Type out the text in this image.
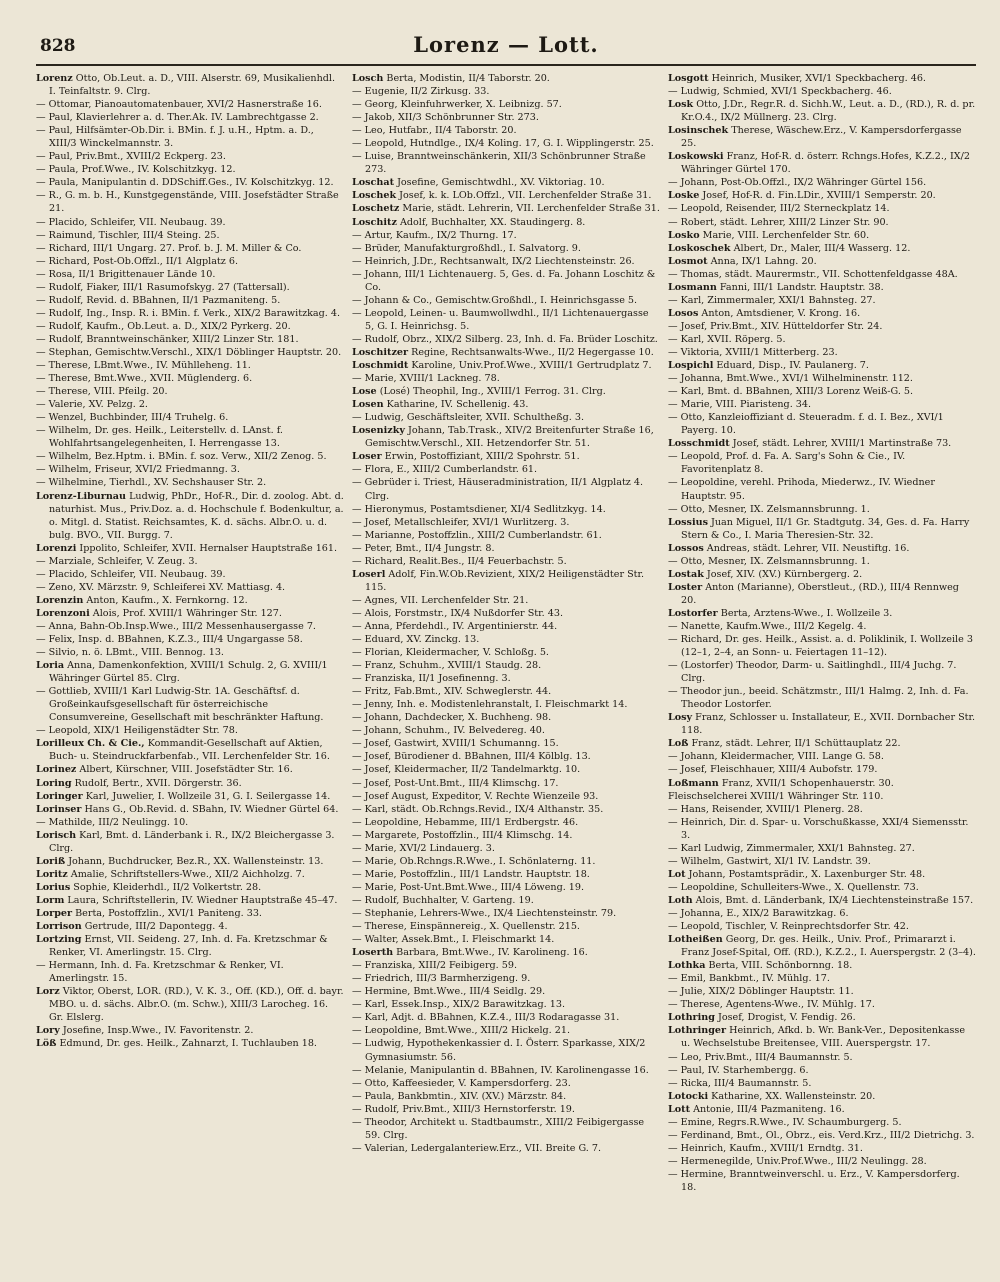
828	Lorenz — Lott.
Lorenz Otto, Ob.Leut. a. D., VIII. Alserstr. 69, Musikalienhdl. I. Teinfaltstr. 9. Clrg.
— Ottomar, Pianoautomatenbauer, XVI/2 Hasnerstraße 16.
— Paul, Klavierlehrer a. d. Ther.Ak. IV. Lambrechtgasse 2.
— Paul, Hilfsämter-Ob.Dir. i. BMin. f. J. u.H., Hptm. a. D., XIII/3 Winckelmannstr. 3.
— Paul, Priv.Bmt., XVIII/2 Eckperg. 23.
— Paula, Prof.Wwe., IV. Kolschitzkyg. 12.
— Paula, Manipulantin d. DDSchiff.Ges., IV. Kolschitzkyg. 12.
— R., G. m. b. H., Kunstgegenstände, VIII. Josefstädter Straße 21.
— Placido, Schleifer, VII. Neubaug. 39.
— Raimund, Tischler, III/4 Steing. 25.
— Richard, III/1 Ungarg. 27. Prof. b. J. M. Miller & Co.
— Richard, Post-Ob.Offzl., II/1 Algplatz 6.
— Rosa, II/1 Brigittenauer Lände 10.
— Rudolf, Fiaker, III/1 Rasumofskyg. 27 (Tattersall).
— Rudolf, Revid. d. BBahnen, II/1 Pazmaniteng. 5.
— Rudolf, Ing., Insp. R. i. BMin. f. Verk., XIX/2 Barawitzkag. 4.
— Rudolf, Kaufm., Ob.Leut. a. D., XIX/2 Pyrkerg. 20.
— Rudolf, Branntweinschänker, XIII/2 Linzer Str. 181.
— Stephan, Gemischtw.Verschl., XIX/1 Döblinger Hauptstr. 20.
— Therese, LBmt.Wwe., IV. Mühlleheng. 11.
— Therese, Bmt.Wwe., XVII. Müglenderg. 6.
— Therese, VIII. Pfeilg. 20.
— Valerie, XV. Pelzg. 2.
— Wenzel, Buchbinder, III/4 Truhelg. 6.
— Wilhelm, Dr. ges. Heilk., Leiterstellv. d. LAnst. f. Wohlfahrtsangelegenheiten, I. Herrengasse 13.
— Wilhelm, Bez.Hptm. i. BMin. f. soz. Verw., XII/2 Zenog. 5.
— Wilhelm, Friseur, XVI/2 Friedmanng. 3.
— Wilhelmine, Tierhdl., XV. Sechshauser Str. 2.
Lorenz-Liburnau Ludwig, PhDr., Hof-R., Dir. d. zoolog. Abt. d. naturhist. Mus., Priv.Doz. a. d. Hochschule f. Bodenkultur, a. o. Mitgl. d. Statist. Reichsamtes, K. d. sächs. Albr.O. u. d. bulg. BVO., VII. Burgg. 7.
Lorenzi Ippolito, Schleifer, XVII. Hernalser Hauptstraße 161.
— Marziale, Schleifer, V. Zeug. 3.
— Placido, Schleifer, VII. Neubaug. 39.
— Zeno, XV. Märzstr. 9, Schleiferei XV. Mattiasg. 4.
Lorenzin Anton, Kaufm., X. Fernkorng. 12.
Lorenzoni Alois, Prof. XVIII/1 Währinger Str. 127.
— Anna, Bahn-Ob.Insp.Wwe., III/2 Messenhausergasse 7.
— Felix, Insp. d. BBahnen, K.Z.3., III/4 Ungargasse 58.
— Silvio, n. ö. LBmt., VIII. Bennog. 13.
Loria Anna, Damenkonfektion, XVIII/1 Schulg. 2, G. XVIII/1 Währinger Gürtel 85. Clrg.
— Gottlieb, XVIII/1 Karl Ludwig-Str. 1A. Geschäftsf. d. Großeinkaufsgesellschaft für österreichische Consumvereine, Gesellschaft mit beschränkter Haftung.
— Leopold, XIX/1 Heiligenstädter Str. 78.
Lorilleux Ch. & Cie., Kommandit-Gesellschaft auf Aktien, Buch- u. Steindruckfarbenfab., VII. Lerchenfelder Str. 16.
Lorinez Albert, Kürschner, VIII. Josefstädter Str. 16.
Loring Rudolf, Bertr., XVII. Dörgerstr. 36.
Loringer Karl, Juwelier, I. Wollzeile 31, G. I. Seilergasse 14.
Lorinser Hans G., Ob.Revid. d. SBahn, IV. Wiedner Gürtel 64.
— Mathilde, III/2 Neulingg. 10.
Lorisch Karl, Bmt. d. Länderbank i. R., IX/2 Bleichergasse 3. Clrg.
Loriß Johann, Buchdrucker, Bez.R., XX. Wallensteinstr. 13.
Loritz Amalie, Schriftstellers-Wwe., XII/2 Aichholzg. 7.
Lorius Sophie, Kleiderhdl., II/2 Volkertstr. 28.
Lorm Laura, Schriftstellerin, IV. Wiedner Hauptstraße 45–47.
Lorper Berta, Postoffzlin., XVI/1 Paniteng. 33.
Lorrison Gertrude, III/2 Dapontegg. 4.
Lortzing Ernst, VII. Seideng. 27, Inh. d. Fa. Kretzschmar & Renker, VI. Amerlingstr. 15. Clrg.
— Hermann, Inh. d. Fa. Kretzschmar & Renker, VI. Amerlingstr. 15.
Lorz Viktor, Oberst, LOR. (RD.), V. K. 3., Off. (KD.), Off. d. bayr. MBO. u. d. sächs. Albr.O. (m. Schw.), XIII/3 Larocheg. 16. Gr. Elslerg.
Lory Josefine, Insp.Wwe., IV. Favoritenstr. 2.
Löß Edmund, Dr. ges. Heilk., Zahnarzt, I. Tuchlauben 18.
Losch Berta, Modistin, II/4 Taborstr. 20.
— Eugenie, II/2 Zirkusg. 33.
— Georg, Kleinfuhrwerker, X. Leibnizg. 57.
— Jakob, XII/3 Schönbrunner Str. 273.
— Leo, Hutfabr., II/4 Taborstr. 20.
— Leopold, Hutndlge., IX/4 Koling. 17, G. I. Wipplingerstr. 25.
— Luise, Branntweinschänkerin, XII/3 Schönbrunner Straße 273.
Loschat Josefine, Gemischtwdhl., XV. Viktoriag. 10.
Loschek Josef, k. k. LOb.Offzl., VII. Lerchenfelder Straße 31.
Loschetz Marie, städt. Lehrerin, VII. Lerchenfelder Straße 31.
Loschitz Adolf, Buchhalter, XX. Staudingerg. 8.
— Artur, Kaufm., IX/2 Thurng. 17.
— Brüder, Manufakturgroßhdl., I. Salvatorg. 9.
— Heinrich, J.Dr., Rechtsanwalt, IX/2 Liechtensteinstr. 26.
— Johann, III/1 Lichtenauerg. 5, Ges. d. Fa. Johann Loschitz & Co.
— Johann & Co., Gemischtw.Großhdl., I. Heinrichsgasse 5.
— Leopold, Leinen- u. Baumwollwdhl., II/1 Lichtenauergasse 5, G. I. Heinrichsg. 5.
— Rudolf, Obrz., XIX/2 Silberg. 23, Inh. d. Fa. Brüder Loschitz.
Loschitzer Regine, Rechtsanwalts-Wwe., II/2 Hegergasse 10.
Loschmidt Karoline, Univ.Prof.Wwe., XVIII/1 Gertrudplatz 7.
— Marie, XVIII/1 Lackneg. 78.
Lose (Losé) Theophil, Ing., XVIII/1 Ferrog. 31. Clrg.
Losen Katharine, IV. Schellenig. 43.
— Ludwig, Geschäftsleiter, XVII. Schultheßg. 3.
Losenizky Johann, Tab.Trask., XIV/2 Breitenfurter Straße 16, Gemischtw.Verschl., XII. Hetzendorfer Str. 51.
Loser Erwin, Postoffiziant, XIII/2 Spohrstr. 51.
— Flora, E., XIII/2 Cumberlandstr. 61.
— Gebrüder i. Triest, Häuseradministration, II/1 Algplatz 4. Clrg.
— Hieronymus, Postamtsdiener, XI/4 Sedlitzkyg. 14.
— Josef, Metallschleifer, XVI/1 Wurlitzerg. 3.
— Marianne, Postoffzlin., XIII/2 Cumberlandstr. 61.
— Peter, Bmt., II/4 Jungstr. 8.
— Richard, Realit.Bes., II/4 Feuerbachstr. 5.
Loserl Adolf, Fin.W.Ob.Revizient, XIX/2 Heiligenstädter Str. 115.
— Agnes, VII. Lerchenfelder Str. 21.
— Alois, Forstmstr., IX/4 Nußdorfer Str. 43.
— Anna, Pferdehdl., IV. Argentinierstr. 44.
— Eduard, XV. Zinckg. 13.
— Florian, Kleidermacher, V. Schloßg. 5.
— Franz, Schuhm., XVIII/1 Staudg. 28.
— Franziska, II/1 Josefinenng. 3.
— Fritz, Fab.Bmt., XIV. Schweglerstr. 44.
— Jenny, Inh. e. Modistenlehranstalt, I. Fleischmarkt 14.
— Johann, Dachdecker, X. Buchheng. 98.
— Johann, Schuhm., IV. Belvedereg. 40.
— Josef, Gastwirt, XVIII/1 Schumanng. 15.
— Josef, Bürodiener d. BBahnen, III/4 Kölblg. 13.
— Josef, Kleidermacher, II/2 Tandelmarktg. 10.
— Josef, Post-Unt.Bmt., III/4 Klimschg. 17.
— Josef August, Expeditor, V. Rechte Wienzeile 93.
— Karl, städt. Ob.Rchngs.Revid., IX/4 Althanstr. 35.
— Leopoldine, Hebamme, III/1 Erdbergstr. 46.
— Margarete, Postoffzlin., III/4 Klimschg. 14.
— Marie, XVI/2 Lindauerg. 3.
— Marie, Ob.Rchngs.R.Wwe., I. Schönlaterng. 11.
— Marie, Postoffzlin., III/1 Landstr. Hauptstr. 18.
— Marie, Post-Unt.Bmt.Wwe., III/4 Löweng. 19.
— Rudolf, Buchhalter, V. Garteng. 19.
— Stephanie, Lehrers-Wwe., IX/4 Liechtensteinstr. 79.
— Therese, Einspännereig., X. Quellenstr. 215.
— Walter, Assek.Bmt., I. Fleischmarkt 14.
Loserth Barbara, Bmt.Wwe., IV. Karolineng. 16.
— Franziska, XIII/2 Feibigerg. 59.
— Friedrich, III/3 Barmherzigeng. 9.
— Hermine, Bmt.Wwe., III/4 Seidlg. 29.
— Karl, Essek.Insp., XIX/2 Barawitzkag. 13.
— Karl, Adjt. d. BBahnen, K.Z.4., III/3 Rodaragasse 31.
— Leopoldine, Bmt.Wwe., XIII/2 Hickelg. 21.
— Ludwig, Hypothekenkassier d. I. Österr. Sparkasse, XIX/2 Gymnasiumstr. 56.
— Melanie, Manipulantin d. BBahnen, IV. Karolinengasse 16.
— Otto, Kaffeesieder, V. Kampersdorferg. 23.
— Paula, Bankbmtin., XIV. (XV.) Märzstr. 84.
— Rudolf, Priv.Bmt., XIII/3 Hernstorferstr. 19.
— Theodor, Architekt u. Stadtbaumstr., XIII/2 Feibigergasse 59. Clrg.
— Valerian, Ledergalanteriew.Erz., VII. Breite G. 7.
Losgott Heinrich, Musiker, XVI/1 Speckbacherg. 46.
— Ludwig, Schmied, XVI/1 Speckbacherg. 46.
Losk Otto, J.Dr., Regr.R. d. Sichh.W., Leut. a. D., (RD.), R. d. pr. Kr.O.4., IX/2 Müllnerg. 23. Clrg.
Losinschek Therese, Wäschew.Erz., V. Kampersdorfergasse 25.
Loskowski Franz, Hof-R. d. österr. Rchngs.Hofes, K.Z.2., IX/2 Währinger Gürtel 170.
— Johann, Post-Ob.Offzl., IX/2 Währinger Gürtel 156.
Loske Josef, Hof-R. d. Fin.LDir., XVIII/1 Semperstr. 20.
— Leopold, Reisender, III/2 Sterneckplatz 14.
— Robert, städt. Lehrer, XIII/2 Linzer Str. 90.
Losko Marie, VIII. Lerchenfelder Str. 60.
Loskoschek Albert, Dr., Maler, III/4 Wasserg. 12.
Losmot Anna, IX/1 Lahng. 20.
— Thomas, städt. Maurermstr., VII. Schottenfeldgasse 48A.
Losmann Fanni, III/1 Landstr. Hauptstr. 38.
— Karl, Zimmermaler, XXI/1 Bahnsteg. 27.
Losos Anton, Amtsdiener, V. Krong. 16.
— Josef, Priv.Bmt., XIV. Hütteldorfer Str. 24.
— Karl, XVII. Röperg. 5.
— Viktoria, XVIII/1 Mitterberg. 23.
Lospichl Eduard, Disp., IV. Paulanerg. 7.
— Johanna, Bmt.Wwe., XVI/1 Wilhelminenstr. 112.
— Karl, Bmt. d. BBahnen, XIII/3 Lorenz Weiß-G. 5.
— Marie, VIII. Piaristeng. 34.
— Otto, Kanzleioffiziant d. Steueradm. f. d. I. Bez., XVI/1 Payerg. 10.
Losschmidt Josef, städt. Lehrer, XVIII/1 Martinstraße 73.
— Leopold, Prof. d. Fa. A. Sarg's Sohn & Cie., IV. Favoritenplatz 8.
— Leopoldine, verehl. Prihoda, Miederwz., IV. Wiedner Hauptstr. 95.
— Otto, Mesner, IX. Zelsmannsbrunng. 1.
Lossius Juan Miguel, II/1 Gr. Stadtgutg. 34, Ges. d. Fa. Harry Stern & Co., I. Maria Theresien-Str. 32.
Lossos Andreas, städt. Lehrer, VII. Neustiftg. 16.
— Otto, Mesner, IX. Zelsmannsbrunng. 1.
Lostak Josef, XIV. (XV.) Kürnbergerg. 2.
Loster Anton (Marianne), Oberstleut., (RD.), III/4 Rennweg 20.
Lostorfer Berta, Arztens-Wwe., I. Wollzeile 3.
— Nanette, Kaufm.Wwe., III/2 Kegelg. 4.
— Richard, Dr. ges. Heilk., Assist. a. d. Poliklinik, I. Wollzeile 3 (12–1, 2–4, an Sonn- u. Feiertagen 11–12).
— (Lostorfer) Theodor, Darm- u. Saitlinghdl., III/4 Juchg. 7. Clrg.
— Theodor jun., beeid. Schätzmstr., III/1 Halmg. 2, Inh. d. Fa. Theodor Lostorfer.
Losy Franz, Schlosser u. Installateur, E., XVII. Dornbacher Str. 118.
Loß Franz, städt. Lehrer, II/1 Schüttauplatz 22.
— Johann, Kleidermacher, VIII. Lange G. 58.
— Josef, Fleischhauer, XIII/4 Aubofstr. 179.
Loßmann Franz, XVII/1 Schopenhauerstr. 30.
Fleischselcherei XVIII/1 Währinger Str. 110.
— Hans, Reisender, XVIII/1 Plenerg. 28.
— Heinrich, Dir. d. Spar- u. Vorschußkasse, XXI/4 Siemensstr. 3.
— Karl Ludwig, Zimmermaler, XXI/1 Bahnsteg. 27.
— Wilhelm, Gastwirt, XI/1 IV. Landstr. 39.
Lot Johann, Postamtsprädir., X. Laxenburger Str. 48.
— Leopoldine, Schulleiters-Wwe., X. Quellenstr. 73.
Loth Alois, Bmt. d. Länderbank, IX/4 Liechtensteinstraße 157.
— Johanna, E., XIX/2 Barawitzkag. 6.
— Leopold, Tischler, V. Reinprechtsdorfer Str. 42.
Lotheißen Georg, Dr. ges. Heilk., Univ. Prof., Primararzt i. Franz Josef-Spital, Off. (RD.), K.Z.2., I. Auerspergstr. 2 (3–4).
Lothka Berta, VIII. Schönbornng. 18.
— Emil, Bankbmt., IV. Mühlg. 17.
— Julie, XIX/2 Döblinger Hauptstr. 11.
— Therese, Agentens-Wwe., IV. Mühlg. 17.
Lothring Josef, Drogist, V. Fendig. 26.
Lothringer Heinrich, Afkd. b. Wr. Bank-Ver., Depositenkasse u. Wechselstube Breitensee, VIII. Auerspergstr. 17.
— Leo, Priv.Bmt., III/4 Baumannstr. 5.
— Paul, IV. Starhembergg. 6.
— Ricka, III/4 Baumannstr. 5.
Lotocki Katharine, XX. Wallensteinstr. 20.
Lott Antonie, III/4 Pazmaniteng. 16.
— Emine, Regrs.R.Wwe., IV. Schaumburgerg. 5.
— Ferdinand, Bmt., Ol., Obrz., eis. Verd.Krz., III/2 Dietrichg. 3.
— Heinrich, Kaufm., XVIII/1 Erndtg. 31.
— Hermenegilde, Univ.Prof.Wwe., III/2 Neulingg. 28.
— Hermine, Branntweinverschl. u. Erz., V. Kampersdorferg. 18.
